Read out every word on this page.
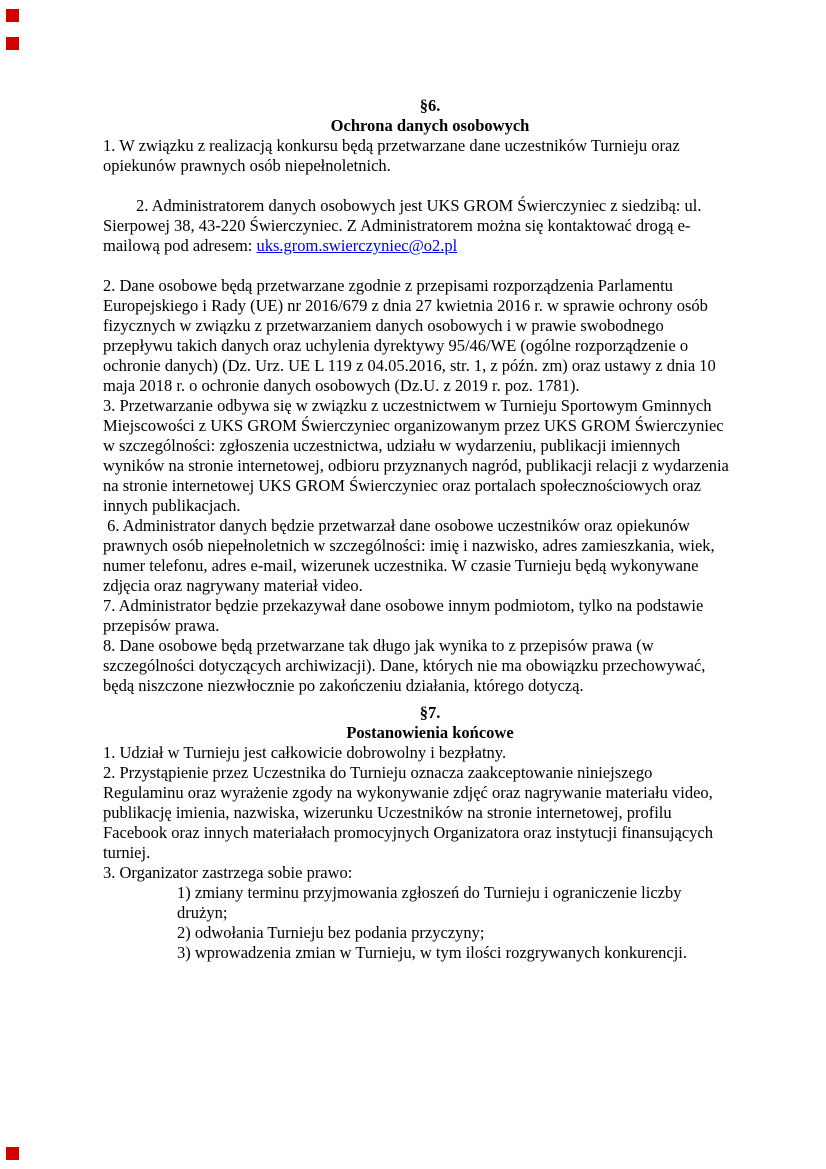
§6.
Ochrona danych osobowych

1. W związku z realizacją konkursu będą przetwarzane dane uczestników Turnieju oraz opiekunów prawnych osób niepełnoletnich.

2. Administratorem danych osobowych jest UKS GROM Świerczyniec z siedzibą: ul. Sierpowej 38, 43-220 Świerczyniec. Z Administratorem można się kontaktować drogą e-mailową pod adresem: uks.grom.swierczyniec@o2.pl

2. Dane osobowe będą przetwarzane zgodnie z przepisami rozporządzenia Parlamentu Europejskiego i Rady (UE) nr 2016/679 z dnia 27 kwietnia 2016 r. w sprawie ochrony osób fizycznych w związku z przetwarzaniem danych osobowych i w prawie swobodnego przepływu takich danych oraz uchylenia dyrektywy 95/46/WE (ogólne rozporządzenie o ochronie danych) (Dz. Urz. UE L 119 z 04.05.2016, str. 1, z późn. zm) oraz ustawy z dnia 10 maja 2018 r. o ochronie danych osobowych (Dz.U. z 2019 r. poz. 1781).

3. Przetwarzanie odbywa się w związku z uczestnictwem w Turnieju Sportowym Gminnych Miejscowości z UKS GROM Świerczyniec organizowanym przez UKS GROM Świerczyniec  w szczególności: zgłoszenia uczestnictwa, udziału w wydarzeniu, publikacji imiennych  wyników na stronie internetowej, odbioru przyznanych nagród, publikacji relacji z wydarzenia na stronie internetowej UKS GROM Świerczyniec oraz portalach społecznościowych oraz innych publikacjach.

6. Administrator danych będzie przetwarzał dane osobowe uczestników oraz opiekunów prawnych osób niepełnoletnich w szczególności: imię i nazwisko, adres zamieszkania, wiek, numer telefonu, adres e-mail, wizerunek uczestnika. W czasie Turnieju będą wykonywane zdjęcia oraz nagrywany materiał video.

7. Administrator będzie przekazywał dane osobowe innym podmiotom, tylko na podstawie przepisów prawa.

8. Dane osobowe będą przetwarzane tak długo jak wynika to z przepisów prawa (w szczególności dotyczących archiwizacji). Dane, których nie ma obowiązku przechowywać, będą niszczone niezwłocznie po zakończeniu działania, którego dotyczą.

§7.
Postanowienia końcowe

1. Udział w Turnieju jest całkowicie dobrowolny i bezpłatny.

2. Przystąpienie przez Uczestnika do Turnieju oznacza zaakceptowanie niniejszego Regulaminu oraz wyrażenie zgody na wykonywanie zdjęć oraz nagrywanie materiału video, publikację imienia, nazwiska, wizerunku Uczestników na stronie internetowej, profilu Facebook oraz innych materiałach promocyjnych Organizatora oraz instytucji finansujących turniej.

3. Organizator zastrzega sobie prawo:

1) zmiany terminu przyjmowania zgłoszeń do Turnieju i ograniczenie liczby drużyn;
2) odwołania Turnieju bez podania przyczyny;
3) wprowadzenia zmian w Turnieju, w tym ilości rozgrywanych konkurencji.
